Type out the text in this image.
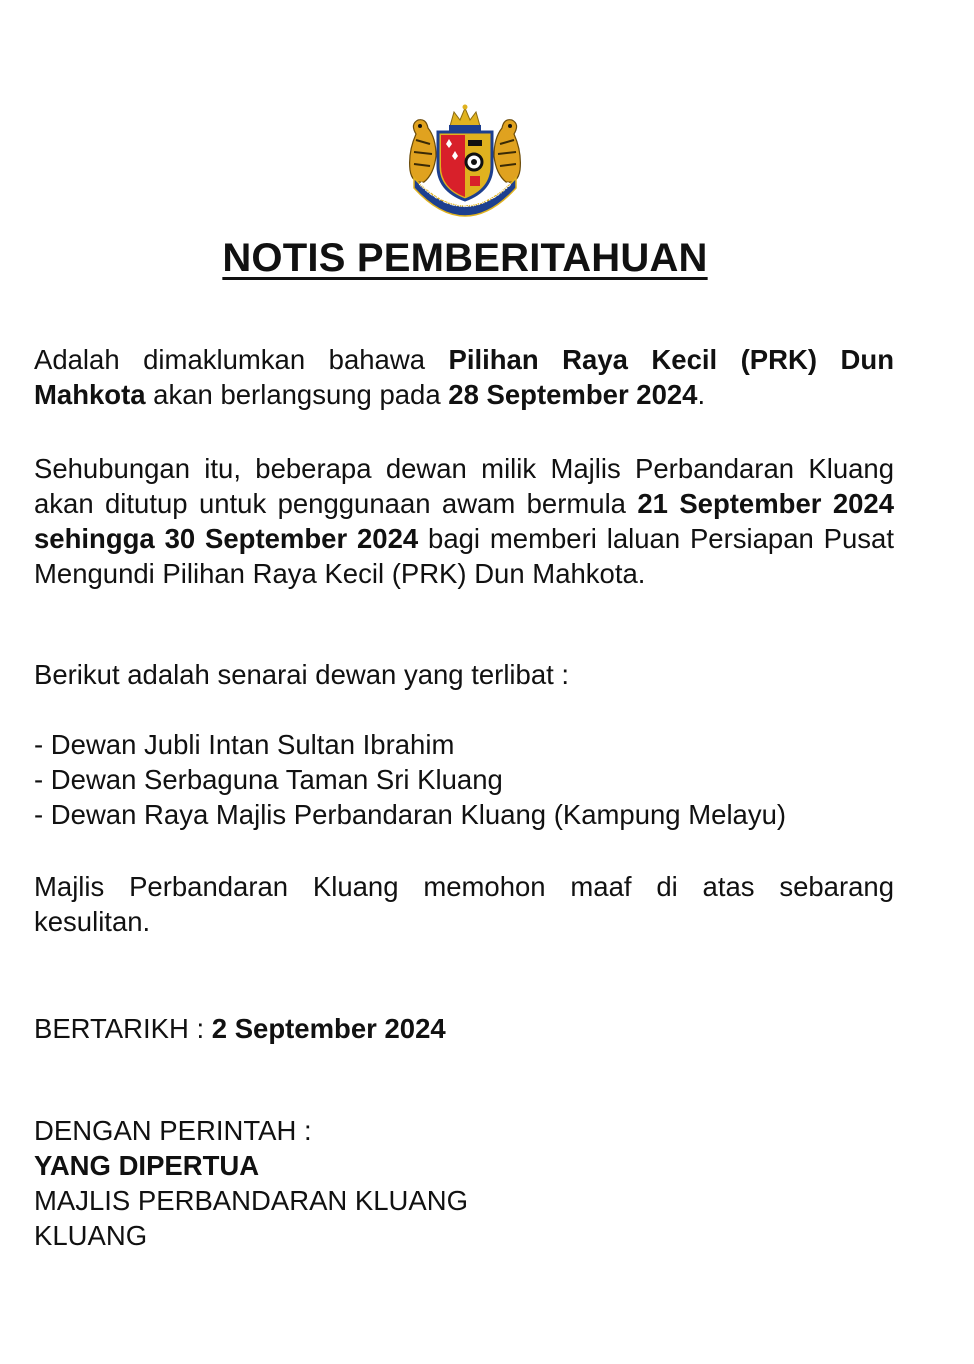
MAJLIS PERBANDARAN KLUANG
NOTIS PEMBERITAHUAN

Adalah dimaklumkan bahawa Pilihan Raya Kecil (PRK) Dun Mahkota akan berlangsung pada 28 September 2024.

Sehubungan itu, beberapa dewan milik Majlis Perbandaran Kluang akan ditutup untuk penggunaan awam bermula 21 September 2024 sehingga 30 September 2024 bagi memberi laluan Persiapan Pusat Mengundi Pilihan Raya Kecil (PRK) Dun Mahkota.

Berikut adalah senarai dewan yang terlibat :

- Dewan Jubli Intan Sultan Ibrahim

- Dewan Serbaguna Taman Sri Kluang

- Dewan Raya Majlis Perbandaran Kluang (Kampung Melayu)

Majlis Perbandaran Kluang memohon maaf di atas sebarang kesulitan.

BERTARIKH : 2 September 2024

DENGAN PERINTAH :

YANG DIPERTUA

MAJLIS PERBANDARAN KLUANG

KLUANG
